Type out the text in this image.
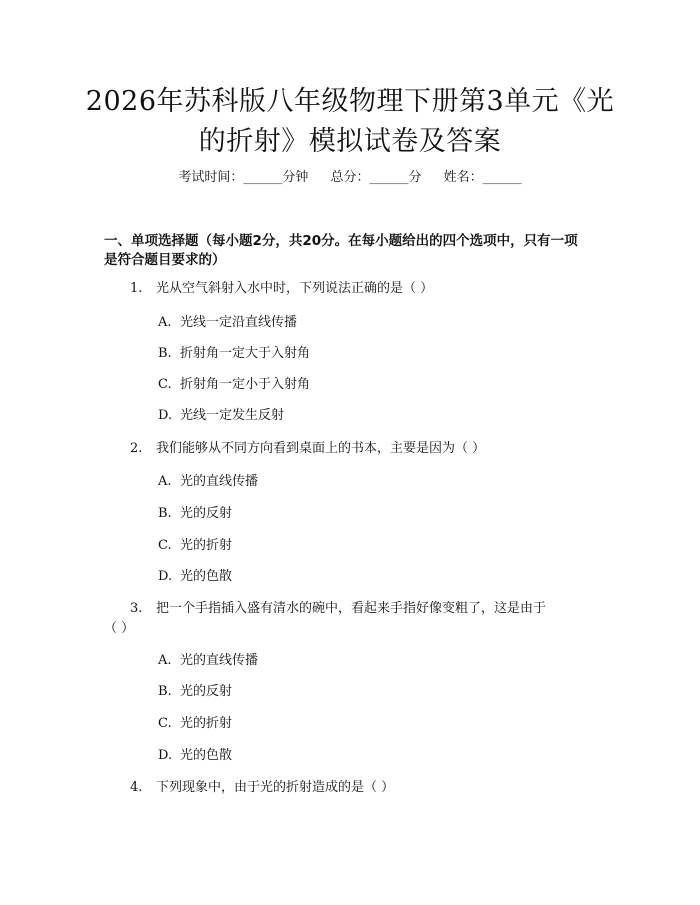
2026年苏科版八年级物理下册第3单元《光
的折射》模拟试卷及答案
考试时间：______分钟 总分：______分 姓名：______
一、单项选择题（每小题2分，共20分。在每小题给出的四个选项中，只有一项
是符合题目要求的）
1. 光从空气斜射入水中时，下列说法正确的是（ ）
A. 光线一定沿直线传播
B. 折射角一定大于入射角
C. 折射角一定小于入射角
D. 光线一定发生反射
2. 我们能够从不同方向看到桌面上的书本，主要是因为（ ）
A. 光的直线传播
B. 光的反射
C. 光的折射
D. 光的色散
3. 把一个手指插入盛有清水的碗中，看起来手指好像变粗了，这是由于
（ ）
A. 光的直线传播
B. 光的反射
C. 光的折射
D. 光的色散
4. 下列现象中，由于光的折射造成的是（ ）
